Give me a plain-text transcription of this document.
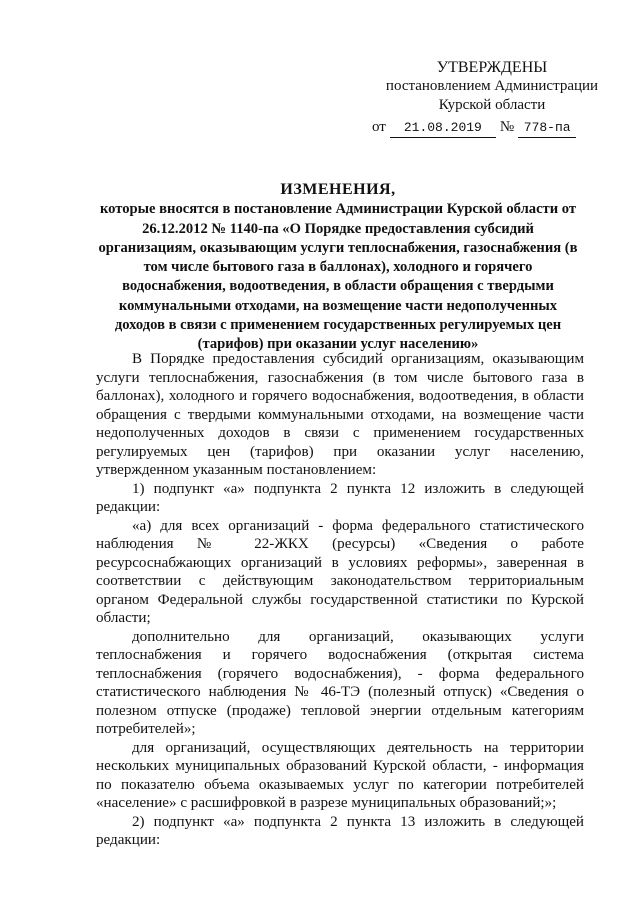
УТВЕРЖДЕНЫ
постановлением Администрации
Курской области
от	21.08.2019	№ 778-па
ИЗМЕНЕНИЯ,
которые вносятся в постановление Администрации Курской области от 26.12.2012 № 1140-па «О Порядке предоставления субсидий организациям, оказывающим услуги теплоснабжения, газоснабжения (в том числе бытового газа в баллонах), холодного и горячего водоснабжения, водоотведения, в области обращения с твердыми коммунальными отходами, на возмещение части недополученных доходов в связи с применением государственных регулируемых цен (тарифов) при оказании услуг населению»

В Порядке предоставления субсидий организациям, оказывающим услуги теплоснабжения, газоснабжения (в том числе бытового газа в баллонах), холодного и горячего водоснабжения, водоотведения, в области обращения с твердыми коммунальными отходами, на возмещение части недополученных доходов в связи с применением государственных регулируемых цен (тарифов) при оказании услуг населению, утвержденном указанным постановлением:

1) подпункт «а» подпункта 2 пункта 12 изложить в следующей редакции:

«а) для всех организаций - форма федерального статистического наблюдения № 22-ЖКХ (ресурсы) «Сведения о работе ресурсоснабжающих организаций в условиях реформы», заверенная в соответствии с действующим законодательством территориальным органом Федеральной службы государственной статистики по Курской области;

дополнительно для организаций, оказывающих услуги теплоснабжения и горячего водоснабжения (открытая система теплоснабжения (горячего водоснабжения), - форма федерального статистического наблюдения № 46-ТЭ (полезный отпуск) «Сведения о полезном отпуске (продаже) тепловой энергии отдельным категориям потребителей»;

для организаций, осуществляющих деятельность на территории нескольких муниципальных образований Курской области, - информация по показателю объема оказываемых услуг по категории потребителей «население» с расшифровкой в разрезе муниципальных образований;»;

2) подпункт «а» подпункта 2 пункта 13 изложить в следующей редакции:
